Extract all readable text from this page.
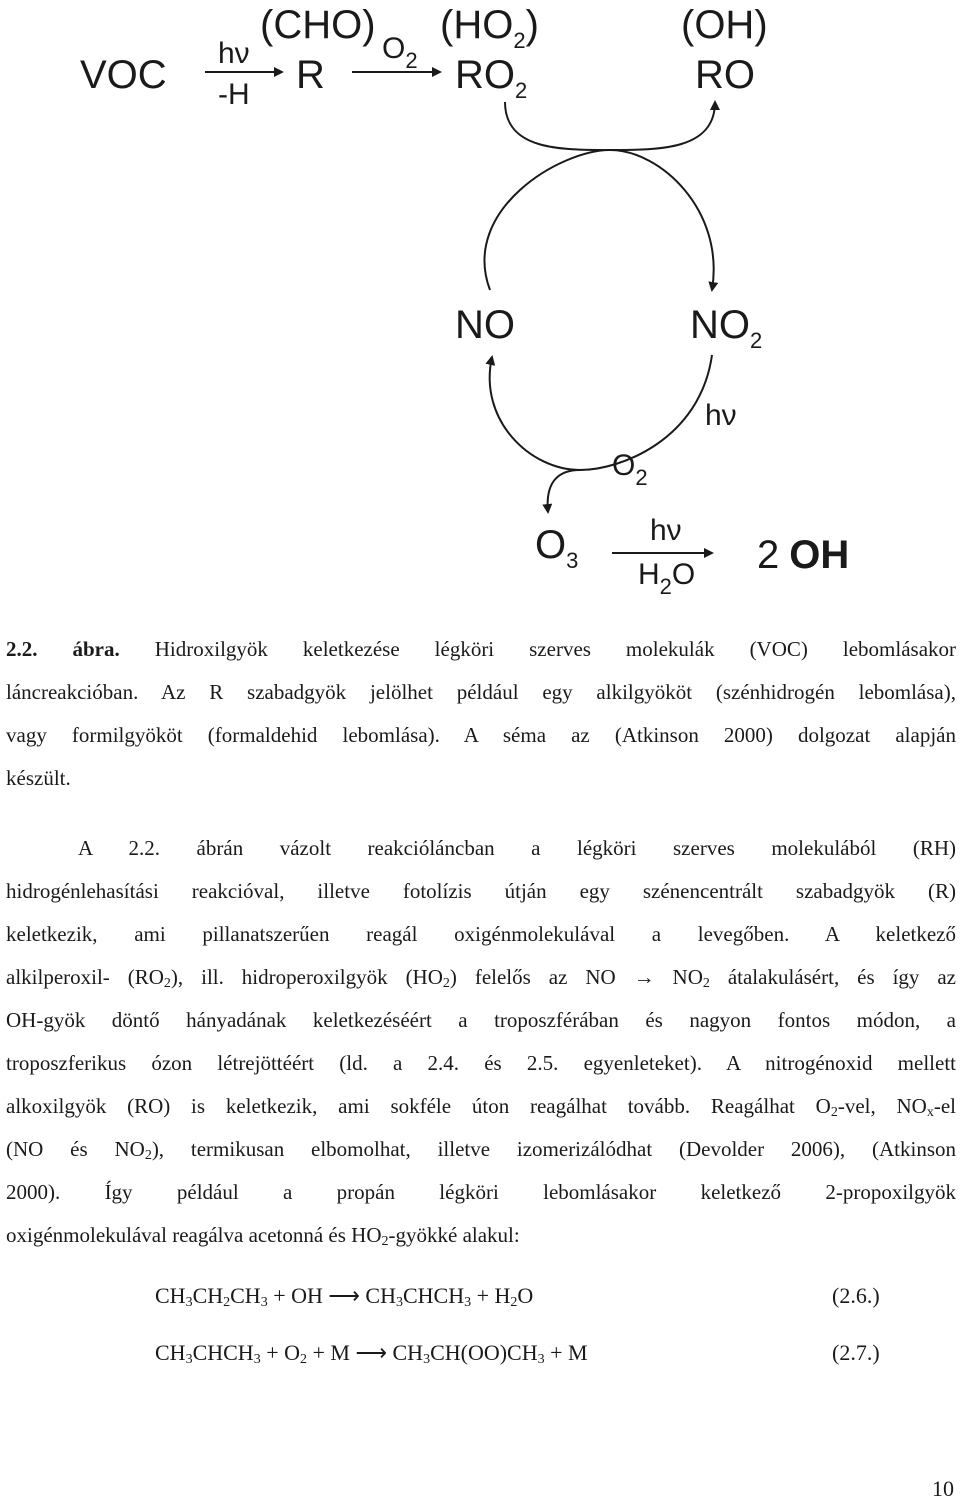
VOC hν
-H
(CHO)
R
$O_2$
$(HO_2)$
$RO_2$
(OH)
RO
NO	$NO_2$
hν
$O_2$
$O_3$
hν
$H_2O$ 2 OH
2.2. ábra. Hidroxilgyök keletkezése légköri szerves molekulák (VOC) lebomlásakor
láncreakcióban. Az R szabadgyök jelölhet például egy alkilgyököt (szénhidrogén lebomlása),
vagy formilgyököt (formaldehid lebomlása). A séma az (Atkinson 2000) dolgozat alapján
készült.
A 2.2. ábrán vázolt reakcióláncban a légköri szerves molekulából (RH)
hidrogénlehasítási reakcióval, illetve fotolízis útján egy szénencentrált szabadgyök (R)
keletkezik, ami pillanatszerűen reagál oxigénmolekulával a levegőben. A keletkező
alkilperoxil- $(RO_2)$, ill. hidroperoxilgyök $(HO_2)$ felelős az NO → $NO_2$ átalakulásért, és így az
OH-gyök döntő hányadának keletkezéséért a troposzférában és nagyon fontos módon, a
troposzferikus ózon létrejöttéért (ld. a 2.4. és 2.5. egyenleteket). A nitrogénoxid mellett
alkoxilgyök (RO) is keletkezik, ami sokféle úton reagálhat tovább. Reagálhat $O_2$-vel, $NO_x-el$
(NO és $NO_2$), termikusan elbomolhat, illetve izomerizálódhat (Devolder 2006), (Atkinson
2000). Így például a propán légköri lebomlásakor keletkező 2-propoxilgyök
oxigénmolekulával reagálva acetonná és $HO_2$-gyökké alakul:
$CH_3CH_2CH_3$ + OH ⟶ $CH_3CHCH_3 + H_2O$	(2.6.)
$CH_3CHCH_3 + O_2 + M$ ⟶ $CH_3CH(OO)CH_3 + M$	(2.7.)
10
